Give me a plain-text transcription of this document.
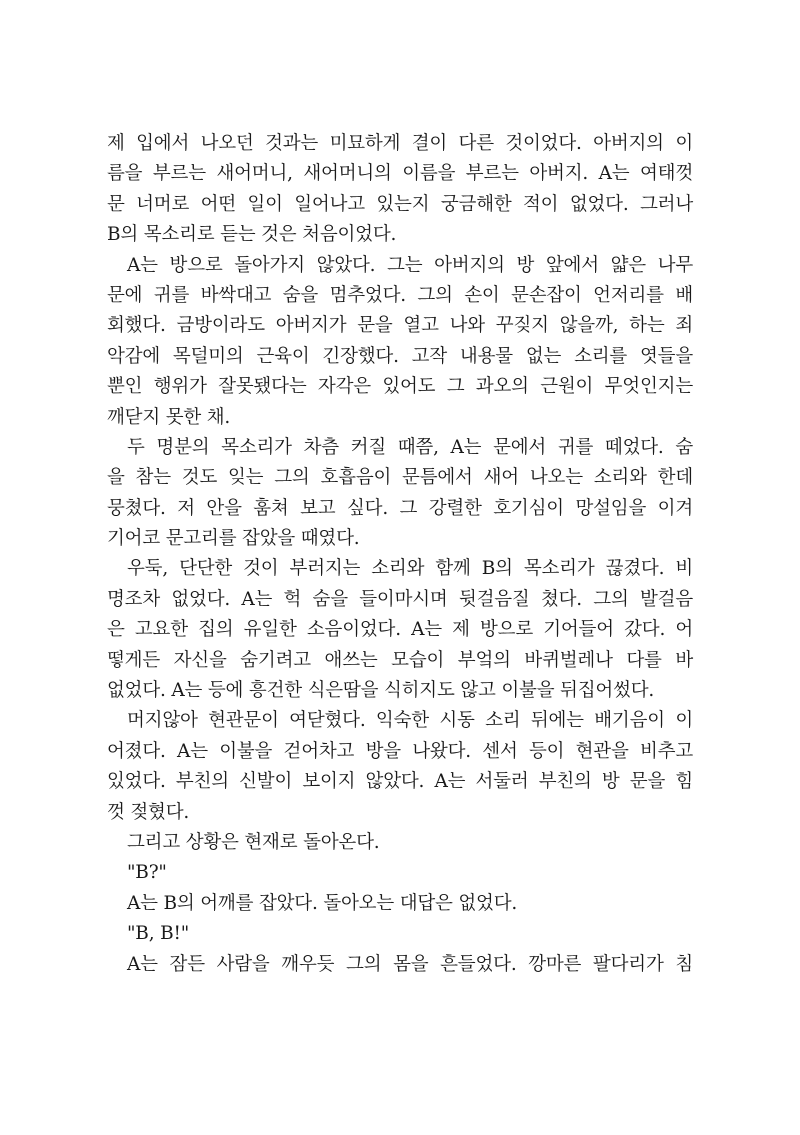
제 입에서 나오던 것과는 미묘하게 결이 다른 것이었다. 아버지의 이
름을 부르는 새어머니, 새어머니의 이름을 부르는 아버지. A는 여태껏
문 너머로 어떤 일이 일어나고 있는지 궁금해한 적이 없었다. 그러나
B의 목소리로 듣는 것은 처음이었다.
A는 방으로 돌아가지 않았다. 그는 아버지의 방 앞에서 얇은 나무
문에 귀를 바싹대고 숨을 멈추었다. 그의 손이 문손잡이 언저리를 배
회했다. 금방이라도 아버지가 문을 열고 나와 꾸짖지 않을까, 하는 죄
악감에 목덜미의 근육이 긴장했다. 고작 내용물 없는 소리를 엿들을
뿐인 행위가 잘못됐다는 자각은 있어도 그 과오의 근원이 무엇인지는
깨닫지 못한 채.
두 명분의 목소리가 차츰 커질 때쯤, A는 문에서 귀를 떼었다. 숨
을 참는 것도 잊는 그의 호흡음이 문틈에서 새어 나오는 소리와 한데
뭉쳤다. 저 안을 훔쳐 보고 싶다. 그 강렬한 호기심이 망설임을 이겨
기어코 문고리를 잡았을 때였다.
우둑, 단단한 것이 부러지는 소리와 함께 B의 목소리가 끊겼다. 비
명조차 없었다. A는 헉 숨을 들이마시며 뒷걸음질 쳤다. 그의 발걸음
은 고요한 집의 유일한 소음이었다. A는 제 방으로 기어들어 갔다. 어
떻게든 자신을 숨기려고 애쓰는 모습이 부엌의 바퀴벌레나 다를 바
없었다. A는 등에 흥건한 식은땀을 식히지도 않고 이불을 뒤집어썼다.
머지않아 현관문이 여닫혔다. 익숙한 시동 소리 뒤에는 배기음이 이
어졌다. A는 이불을 걷어차고 방을 나왔다. 센서 등이 현관을 비추고
있었다. 부친의 신발이 보이지 않았다. A는 서둘러 부친의 방 문을 힘
껏 젖혔다.
그리고 상황은 현재로 돌아온다.
"B?"
A는 B의 어깨를 잡았다. 돌아오는 대답은 없었다.
"B, B!"
A는 잠든 사람을 깨우듯 그의 몸을 흔들었다. 깡마른 팔다리가 침
